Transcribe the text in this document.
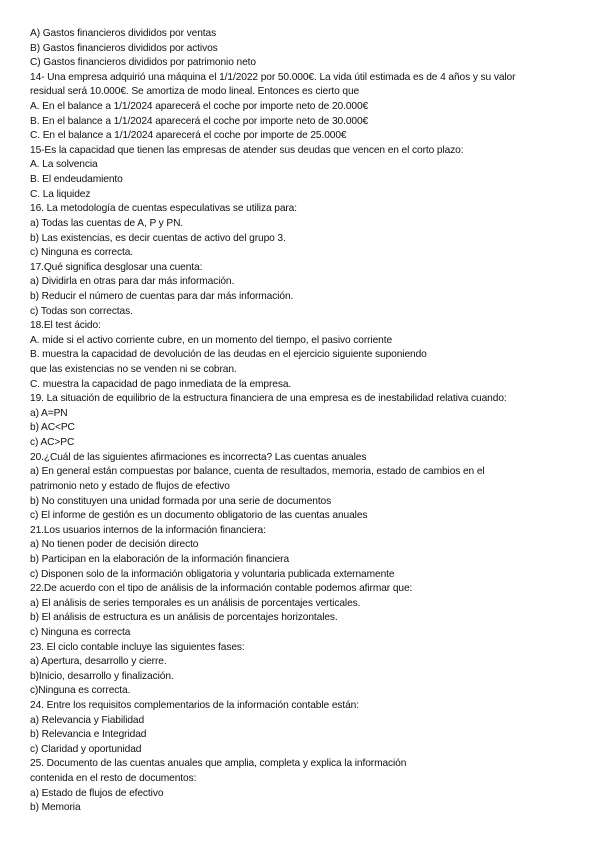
A) Gastos financieros divididos por ventas
B) Gastos financieros divididos por activos
C) Gastos financieros divididos por patrimonio neto
14- Una empresa adquirió una máquina el 1/1/2022 por 50.000€. La vida útil estimada es de 4 años y su valor
residual será 10.000€. Se amortiza de modo lineal. Entonces es cierto que
A. En el balance a 1/1/2024 aparecerá el coche por importe neto de 20.000€
B. En el balance a 1/1/2024 aparecerá el coche por importe neto de 30.000€
C. En el balance a 1/1/2024 aparecerá el coche por importe de 25.000€
15-Es la capacidad que tienen las empresas de atender sus deudas que vencen en el corto plazo:
A. La solvencia
B. El endeudamiento
C. La liquidez
16. La metodología de cuentas especulativas se utiliza para:
a) Todas las cuentas de A, P y PN.
b) Las existencias, es decir cuentas de activo del grupo 3.
c) Ninguna es correcta.
17.Qué significa desglosar una cuenta:
a) Dividirla en otras para dar más información.
b) Reducir el número de cuentas para dar más información.
c) Todas son correctas.
18.El test ácido:
A. mide si el activo corriente cubre, en un momento del tiempo, el pasivo corriente
B. muestra la capacidad de devolución de las deudas en el ejercicio siguiente suponiendo
que las existencias no se venden ni se cobran.
C. muestra la capacidad de pago inmediata de la empresa.
19. La situación de equilibrio de la estructura financiera de una empresa es de inestabilidad relativa cuando:
a) A=PN
b) AC<PC
c) AC>PC
20.¿Cuál de las siguientes afirmaciones es incorrecta? Las cuentas anuales
a) En general están compuestas por balance, cuenta de resultados, memoria, estado de cambios en el
patrimonio neto y estado de flujos de efectivo
b) No constituyen una unidad formada por una serie de documentos
c) El informe de gestión es un documento obligatorio de las cuentas anuales
21.Los usuarios internos de la información financiera:
a) No tienen poder de decisión directo
b) Participan en la elaboración de la información financiera
c) Disponen solo de la información obligatoria y voluntaria publicada externamente
22.De acuerdo con el tipo de análisis de la información contable podemos afirmar que:
a) El análisis de series temporales es un análisis de porcentajes verticales.
b) El análisis de estructura es un análisis de porcentajes horizontales.
c) Ninguna es correcta
23. El ciclo contable incluye las siguientes fases:
a) Apertura, desarrollo y cierre.
b)Inicio, desarrollo y finalización.
c)Ninguna es correcta.
24. Entre los requisitos complementarios de la información contable están:
a) Relevancia y Fiabilidad
b) Relevancia e Integridad
c) Claridad y oportunidad
25. Documento de las cuentas anuales que amplia, completa y explica la información
contenida en el resto de documentos:
a) Estado de flujos de efectivo
b) Memoria
